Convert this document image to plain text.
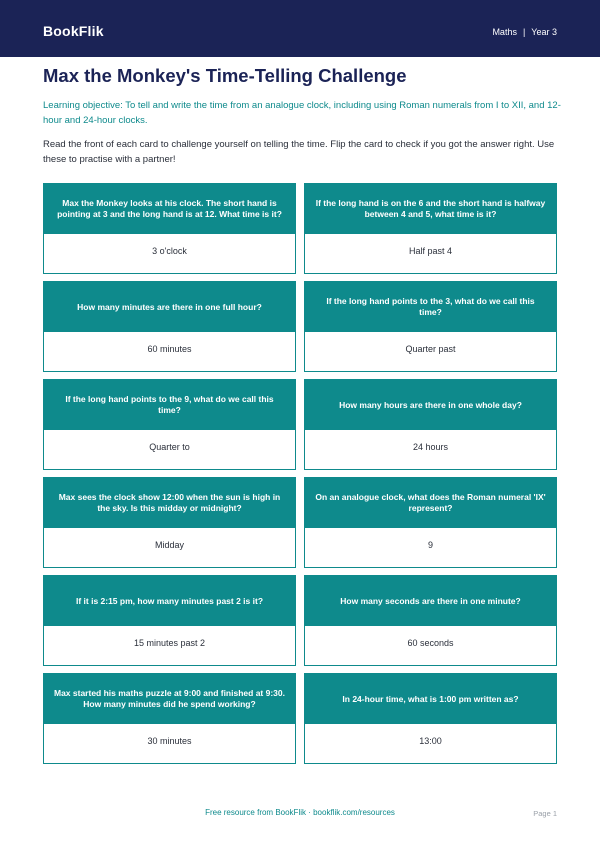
BookFlik	Maths | Year 3
Max the Monkey's Time-Telling Challenge

Learning objective: To tell and write the time from an analogue clock, including using Roman numerals from I to XII, and 12-hour and 24-hour clocks.

Read the front of each card to challenge yourself on telling the time. Flip the card to check if you got the answer right. Use these to practise with a partner!

Max the Monkey looks at his clock. The short hand is pointing at 3 and the long hand is at 12. What time is it?
3 o'clock
If the long hand is on the 6 and the short hand is halfway between 4 and 5, what time is it?
Half past 4
How many minutes are there in one full hour?
60 minutes
If the long hand points to the 3, what do we call this time?
Quarter past
If the long hand points to the 9, what do we call this time?
Quarter to
How many hours are there in one whole day?
24 hours
Max sees the clock show 12:00 when the sun is high in the sky. Is this midday or midnight?
Midday
On an analogue clock, what does the Roman numeral 'IX' represent?
9
If it is 2:15 pm, how many minutes past 2 is it?
15 minutes past 2
How many seconds are there in one minute?
60 seconds
Max started his maths puzzle at 9:00 and finished at 9:30. How many minutes did he spend working?
30 minutes
In 24-hour time, what is 1:00 pm written as?
13:00
Free resource from BookFlik · bookflik.com/resources	Page 1
